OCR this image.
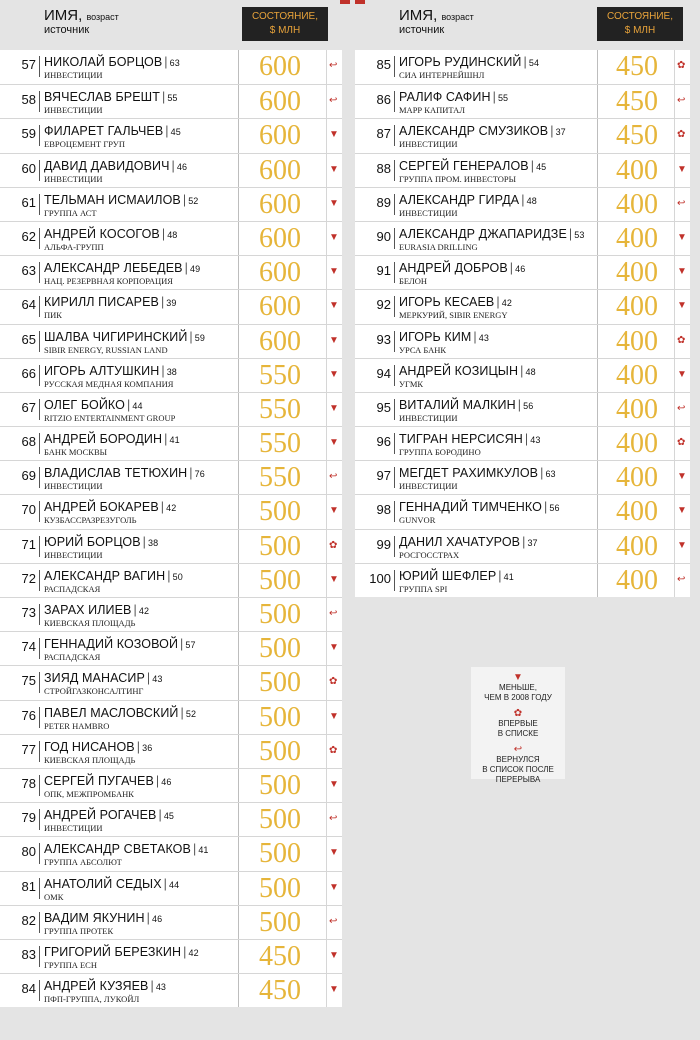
ИМЯ, возраст
источник
СОСТОЯНИЕ,
$ МЛН
57 НИКОЛАЙ БОРЦОВ | 63
ИНВЕСТИЦИИ	600	↩
58 ВЯЧЕСЛАВ БРЕШТ | 55
ИНВЕСТИЦИИ	600	↩
59 ФИЛАРЕТ ГАЛЬЧЕВ | 45
ЕВРОЦЕМЕНТ ГРУП	600	▼
60 ДАВИД ДАВИДОВИЧ | 46
ИНВЕСТИЦИИ	600	▼
61 ТЕЛЬМАН ИСМАИЛОВ | 52
ГРУППА АСТ	600	▼
62 АНДРЕЙ КОСОГОВ | 48
АЛЬФА-ГРУПП	600	▼
63 АЛЕКСАНДР ЛЕБЕДЕВ | 49
НАЦ. РЕЗЕРВНАЯ КОРПОРАЦИЯ	600	▼
64 КИРИЛЛ ПИСАРЕВ | 39
ПИК	600	▼
65 ШАЛВА ЧИГИРИНСКИЙ | 59
SIBIR ENERGY, RUSSIAN LAND	600	▼
66 ИГОРЬ АЛТУШКИН | 38
РУССКАЯ МЕДНАЯ КОМПАНИЯ	550	▼
67 ОЛЕГ БОЙКО | 44
RITZIO ENTERTAINMENT GROUP	550	▼
68 АНДРЕЙ БОРОДИН | 41
БАНК МОСКВЫ	550	▼
69 ВЛАДИСЛАВ ТЕТЮХИН | 76
ИНВЕСТИЦИИ	550	↩
70 АНДРЕЙ БОКАРЕВ | 42
КУЗБАССРАЗРЕЗУГОЛЬ	500	▼
71 ЮРИЙ БОРЦОВ | 38
ИНВЕСТИЦИИ	500	✿
72 АЛЕКСАНДР ВАГИН | 50
РАСПАДСКАЯ	500	▼
73 ЗАРАХ ИЛИЕВ | 42
КИЕВСКАЯ ПЛОЩАДЬ	500	↩
74 ГЕННАДИЙ КОЗОВОЙ | 57
РАСПАДСКАЯ	500	▼
75 ЗИЯД МАНАСИР | 43
СТРОЙГАЗКОНСАЛТИНГ	500	✿
76 ПАВЕЛ МАСЛОВСКИЙ | 52
PETER HAMBRO	500	▼
77 ГОД НИСАНОВ | 36
КИЕВСКАЯ ПЛОЩАДЬ	500	✿
78 СЕРГЕЙ ПУГАЧЕВ | 46
ОПК, МЕЖПРОМБАНК	500	▼
79 АНДРЕЙ РОГАЧЕВ | 45
ИНВЕСТИЦИИ	500	↩
80 АЛЕКСАНДР СВЕТАКОВ | 41
ГРУППА АБСОЛЮТ	500	▼
81 АНАТОЛИЙ СЕДЫХ | 44
ОМК	500	▼
82 ВАДИМ ЯКУНИН | 46
ГРУППА ПРОТЕК	500	↩
83 ГРИГОРИЙ БЕРЕЗКИН | 42
ГРУППА ЕСН	450	▼
84 АНДРЕЙ КУЗЯЕВ | 43
ПФП-ГРУППА, ЛУКОЙЛ	450	▼
ИМЯ, возраст
источник
СОСТОЯНИЕ,
$ МЛН
85 ИГОРЬ РУДИНСКИЙ | 54
СИА ИНТЕРНЕЙШНЛ	450	✿
86 РАЛИФ САФИН | 55
МАРР КАПИТАЛ	450	↩
87 АЛЕКСАНДР СМУЗИКОВ | 37
ИНВЕСТИЦИИ	450	✿
88 СЕРГЕЙ ГЕНЕРАЛОВ | 45
ГРУППА ПРОМ. ИНВЕСТОРЫ	400	▼
89 АЛЕКСАНДР ГИРДА | 48
ИНВЕСТИЦИИ	400	↩
90 АЛЕКСАНДР ДЖАПАРИДЗЕ | 53
EURASIA DRILLING	400	▼
91 АНДРЕЙ ДОБРОВ | 46
БЕЛОН	400	▼
92 ИГОРЬ КЕСАЕВ | 42
МЕРКУРИЙ, SIBIR ENERGY	400	▼
93 ИГОРЬ КИМ | 43
УРСА БАНК	400	✿
94 АНДРЕЙ КОЗИЦЫН | 48
УГМК	400	▼
95 ВИТАЛИЙ МАЛКИН | 56
ИНВЕСТИЦИИ	400	↩
96 ТИГРАН НЕРСИСЯН | 43
ГРУППА БОРОДИНО	400	✿
97 МЕГДЕТ РАХИМКУЛОВ | 63
ИНВЕСТИЦИИ	400	▼
98 ГЕННАДИЙ ТИМЧЕНКО | 56
GUNVOR	400	▼
99 ДАНИЛ ХАЧАТУРОВ | 37
РОСГОССТРАХ	400	▼
100 ЮРИЙ ШЕФЛЕР | 41
ГРУППА SPI	400	↩
▼
МЕНЬШЕ,
ЧЕМ В 2008 ГОДУ
✿
ВПЕРВЫЕ
В СПИСКЕ
↩
ВЕРНУЛСЯ
В СПИСОК ПОСЛЕ
ПЕРЕРЫВА
